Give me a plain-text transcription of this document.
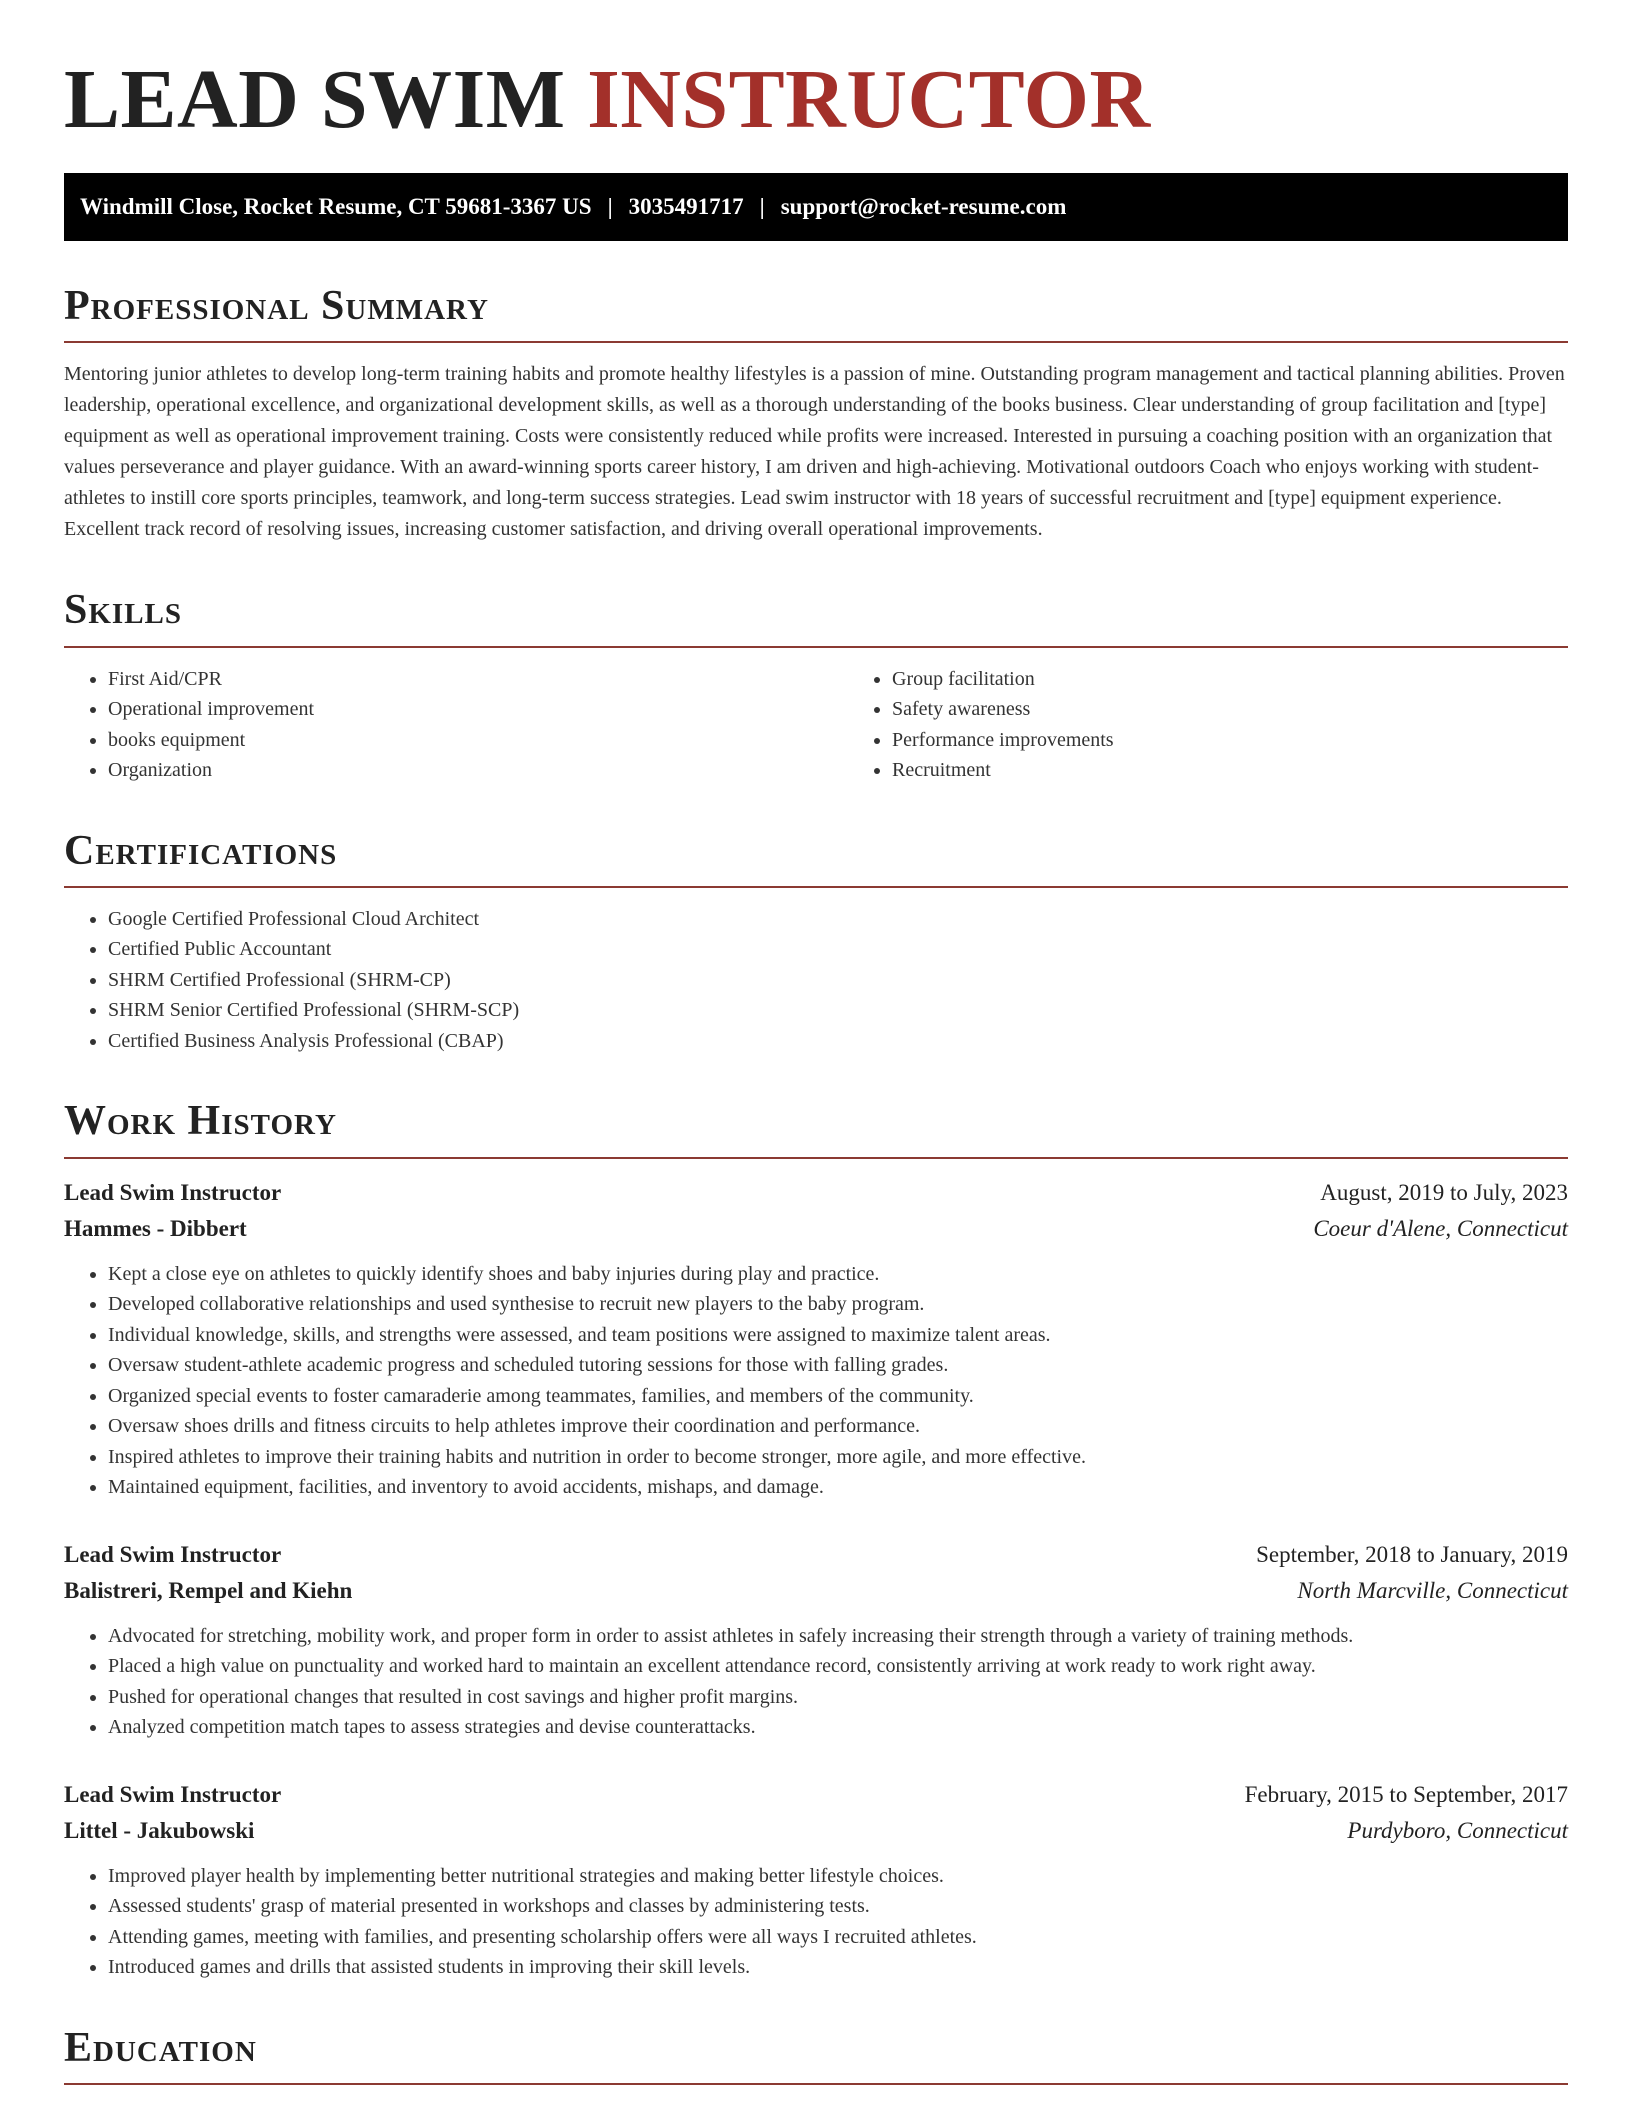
LEAD SWIM INSTRUCTOR
Windmill Close, Rocket Resume, CT 59681-3367 US | 3035491717 | support@rocket-resume.com
Professional Summary

Mentoring junior athletes to develop long-term training habits and promote healthy lifestyles is a passion of mine. Outstanding program management and tactical planning abilities. Proven leadership, operational excellence, and organizational development skills, as well as a thorough understanding of the books business. Clear understanding of group facilitation and [type] equipment as well as operational improvement training. Costs were consistently reduced while profits were increased. Interested in pursuing a coaching position with an organization that values perseverance and player guidance. With an award-winning sports career history, I am driven and high-achieving. Motivational outdoors Coach who enjoys working with student-athletes to instill core sports principles, teamwork, and long-term success strategies. Lead swim instructor with 18 years of successful recruitment and [type] equipment experience. Excellent track record of resolving issues, increasing customer satisfaction, and driving overall operational improvements.

Skills
• First Aid/CPR
• Operational improvement
• books equipment
• Organization
• Group facilitation
• Safety awareness
• Performance improvements
• Recruitment
Certifications
• Google Certified Professional Cloud Architect
• Certified Public Accountant
• SHRM Certified Professional (SHRM-CP)
• SHRM Senior Certified Professional (SHRM-SCP)
• Certified Business Analysis Professional (CBAP)
Work History
Lead Swim Instructor	August, 2019 to July, 2023
Hammes - Dibbert	Coeur d'Alene, Connecticut
• Kept a close eye on athletes to quickly identify shoes and baby injuries during play and practice.
• Developed collaborative relationships and used synthesise to recruit new players to the baby program.
• Individual knowledge, skills, and strengths were assessed, and team positions were assigned to maximize talent areas.
• Oversaw student-athlete academic progress and scheduled tutoring sessions for those with falling grades.
• Organized special events to foster camaraderie among teammates, families, and members of the community.
• Oversaw shoes drills and fitness circuits to help athletes improve their coordination and performance.
• Inspired athletes to improve their training habits and nutrition in order to become stronger, more agile, and more effective.
• Maintained equipment, facilities, and inventory to avoid accidents, mishaps, and damage.
Lead Swim Instructor	September, 2018 to January, 2019
Balistreri, Rempel and Kiehn	North Marcville, Connecticut
• Advocated for stretching, mobility work, and proper form in order to assist athletes in safely increasing their strength through a variety of training methods.
• Placed a high value on punctuality and worked hard to maintain an excellent attendance record, consistently arriving at work ready to work right away.
• Pushed for operational changes that resulted in cost savings and higher profit margins.
• Analyzed competition match tapes to assess strategies and devise counterattacks.
Lead Swim Instructor	February, 2015 to September, 2017
Littel - Jakubowski	Purdyboro, Connecticut
• Improved player health by implementing better nutritional strategies and making better lifestyle choices.
• Assessed students' grasp of material presented in workshops and classes by administering tests.
• Attending games, meeting with families, and presenting scholarship offers were all ways I recruited athletes.
• Introduced games and drills that assisted students in improving their skill levels.
Education
